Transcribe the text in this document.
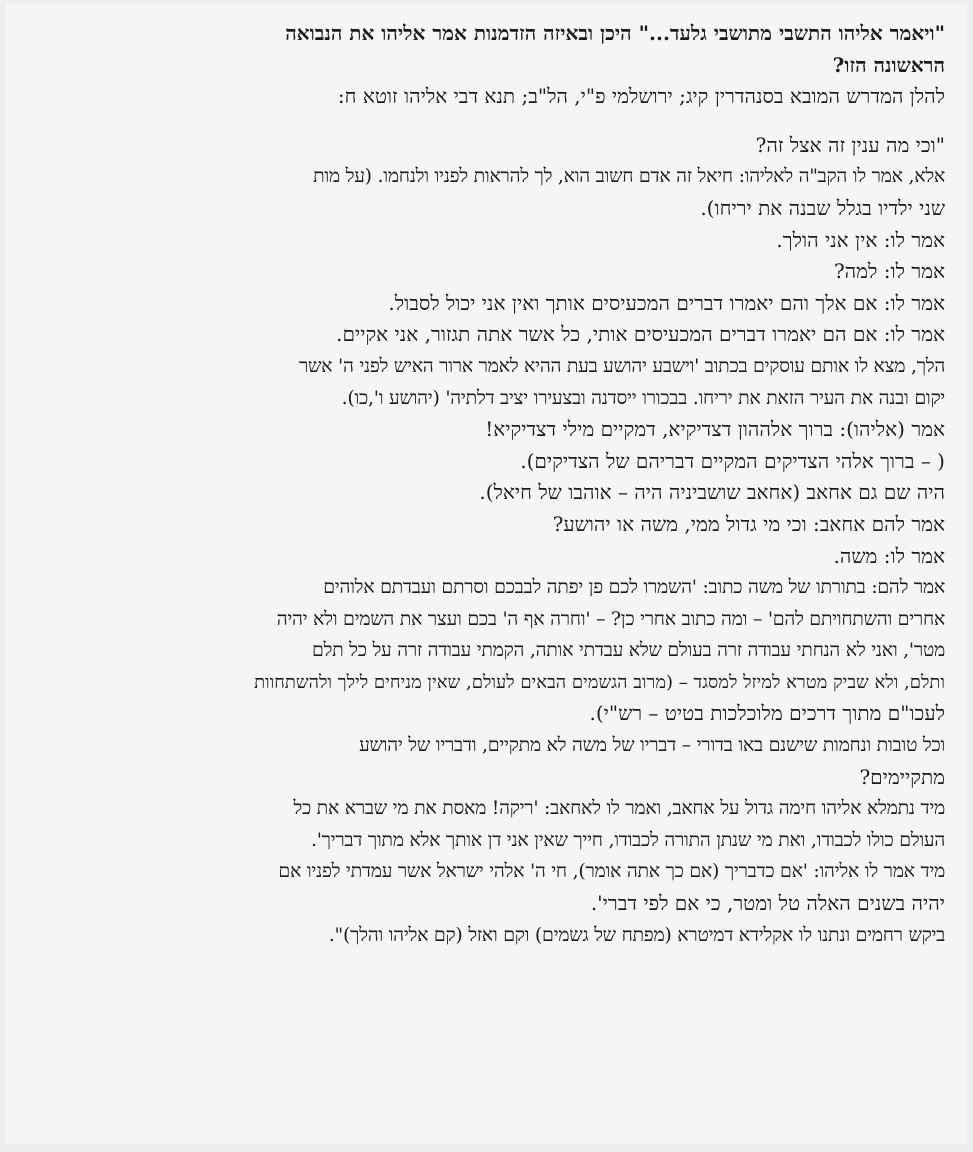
"ויאמר אליהו התשבי מתושבי גלעד..." היכן ובאיזה הזדמנות אמר אליהו את הנבואה

הראשונה הזו?

להלן המדרש המובא בסנהדרין קיג; ירושלמי פ"י, הל"ב; תנא דבי אליהו זוטא ח:

"וכי מה ענין זה אצל זה?

אלא, אמר לו הקב"ה לאליהו: חיאל זה אדם חשוב הוא, לך להראות לפניו ולנחמו. (על מות

שני ילדיו בגלל שבנה את יריחו).

אמר לו: אין אני הולך.

אמר לו: למה?

אמר לו: אם אלך והם יאמרו דברים המכעיסים אותך ואין אני יכול לסבול.

אמר לו: אם הם יאמרו דברים המכעיסים אותי, כל אשר אתה תגזור, אני אקיים.

הלך, מצא לו אותם עוסקים בכתוב 'וישבע יהושע בעת ההיא לאמר ארור האיש לפני ה' אשר

יקום ובנה את העיר הזאת את יריחו. בבכורו ייסדנה ובצעירו יציב דלתיה' (יהושע ו',כו).

אמר (אליהו): ברוך אלההון דצדיקיא, דמקיים מילי דצדיקיא!

( – ברוך אלהי הצדיקים המקיים דבריהם של הצדיקים).

היה שם גם אחאב (אחאב שושביניה היה – אוהבו של חיאל).

אמר להם אחאב: וכי מי גדול ממי, משה או יהושע?

אמר לו: משה.

אמר להם: בתורתו של משה כתוב: 'השמרו לכם פן יפתה לבבכם וסרתם ועבדתם אלוהים

אחרים והשתחויתם להם' – ומה כתוב אחרי כן? – 'וחרה אף ה' בכם ועצר את השמים ולא יהיה

מטר', ואני לא הנחתי עבודה זרה בעולם שלא עבדתי אותה, הקמתי עבודה זרה על כל תלם

ותלם, ולא שביק מטרא למיזל למסגד – (מרוב הגשמים הבאים לעולם, שאין מניחים לילך ולהשתחוות

לעכו"ם מתוך דרכים מלוכלכות בטיט – רש"י).

וכל טובות ונחמות שישנם באו בדורי – דבריו של משה לא מתקיים, ודבריו של יהושע

מתקיימים?

מיד נתמלא אליהו חימה גדול על אחאב, ואמר לו לאחאב: 'ריקה! מאסת את מי שברא את כל

העולם כולו לכבודו, ואת מי שנתן התורה לכבודו, חייך שאין אני דן אותך אלא מתוך דבריך'.

מיד אמר לו אליהו: 'אם כדבריך (אם כך אתה אומר), חי ה' אלהי ישראל אשר עמדתי לפניו אם

יהיה בשנים האלה טל ומטר, כי אם לפי דברי'.

ביקש רחמים ונתנו לו אקלידא דמיטרא (מפתח של גשמים) וקם ואזל (קם אליהו והלך)".
